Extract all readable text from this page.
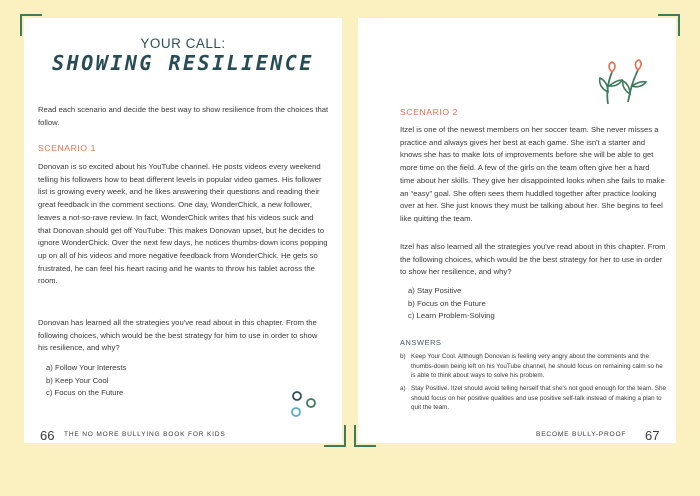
YOUR CALL:
SHOWING RESILIENCE
Read each scenario and decide the best way to show resilience from the choices that follow.
SCENARIO 1
Donovan is so excited about his YouTube channel. He posts videos every weekend telling his followers how to beat different levels in popular video games. His follower list is growing every week, and he likes answering their questions and reading their great feedback in the comment sections. One day, WonderChick, a new follower, leaves a not-so-rave review. In fact, WonderChick writes that his videos suck and that Donovan should get off YouTube. This makes Donovan upset, but he decides to ignore WonderChick. Over the next few days, he notices thumbs-down icons popping up on all of his videos and more negative feedback from WonderChick. He gets so frustrated, he can feel his heart racing and he wants to throw his tablet across the room.
Donovan has learned all the strategies you've read about in this chapter. From the following choices, which would be the best strategy for him to use in order to show his resilience, and why?
a) Follow Your Interests
b) Keep Your Cool
c) Focus on the Future
SCENARIO 2
Itzel is one of the newest members on her soccer team. She never misses a practice and always gives her best at each game. She isn't a starter and knows she has to make lots of improvements before she will be able to get more time on the field. A few of the girls on the team often give her a hard time about her skills. They give her disappointed looks when she fails to make an “easy” goal. She often sees them huddled together after practice looking over at her. She just knows they must be talking about her. She begins to feel like quitting the team.
Itzel has also learned all the strategies you've read about in this chapter. From the following choices, which would be the best strategy for her to use in order to show her resilience, and why?
a) Stay Positive
b) Focus on the Future
c) Learn Problem-Solving
ANSWERS
b) Keep Your Cool. Although Donovan is feeling very angry about the comments and the thumbs-down being left on his YouTube channel, he should focus on remaining calm so he is able to think about ways to solve his problem.
a) Stay Positive. Itzel should avoid telling herself that she's not good enough for the team. She should focus on her positive qualities and use positive self-talk instead of making a plan to quit the team.
66 THE NO MORE BULLYING BOOK FOR KIDS	BECOME BULLY-PROOF 67
